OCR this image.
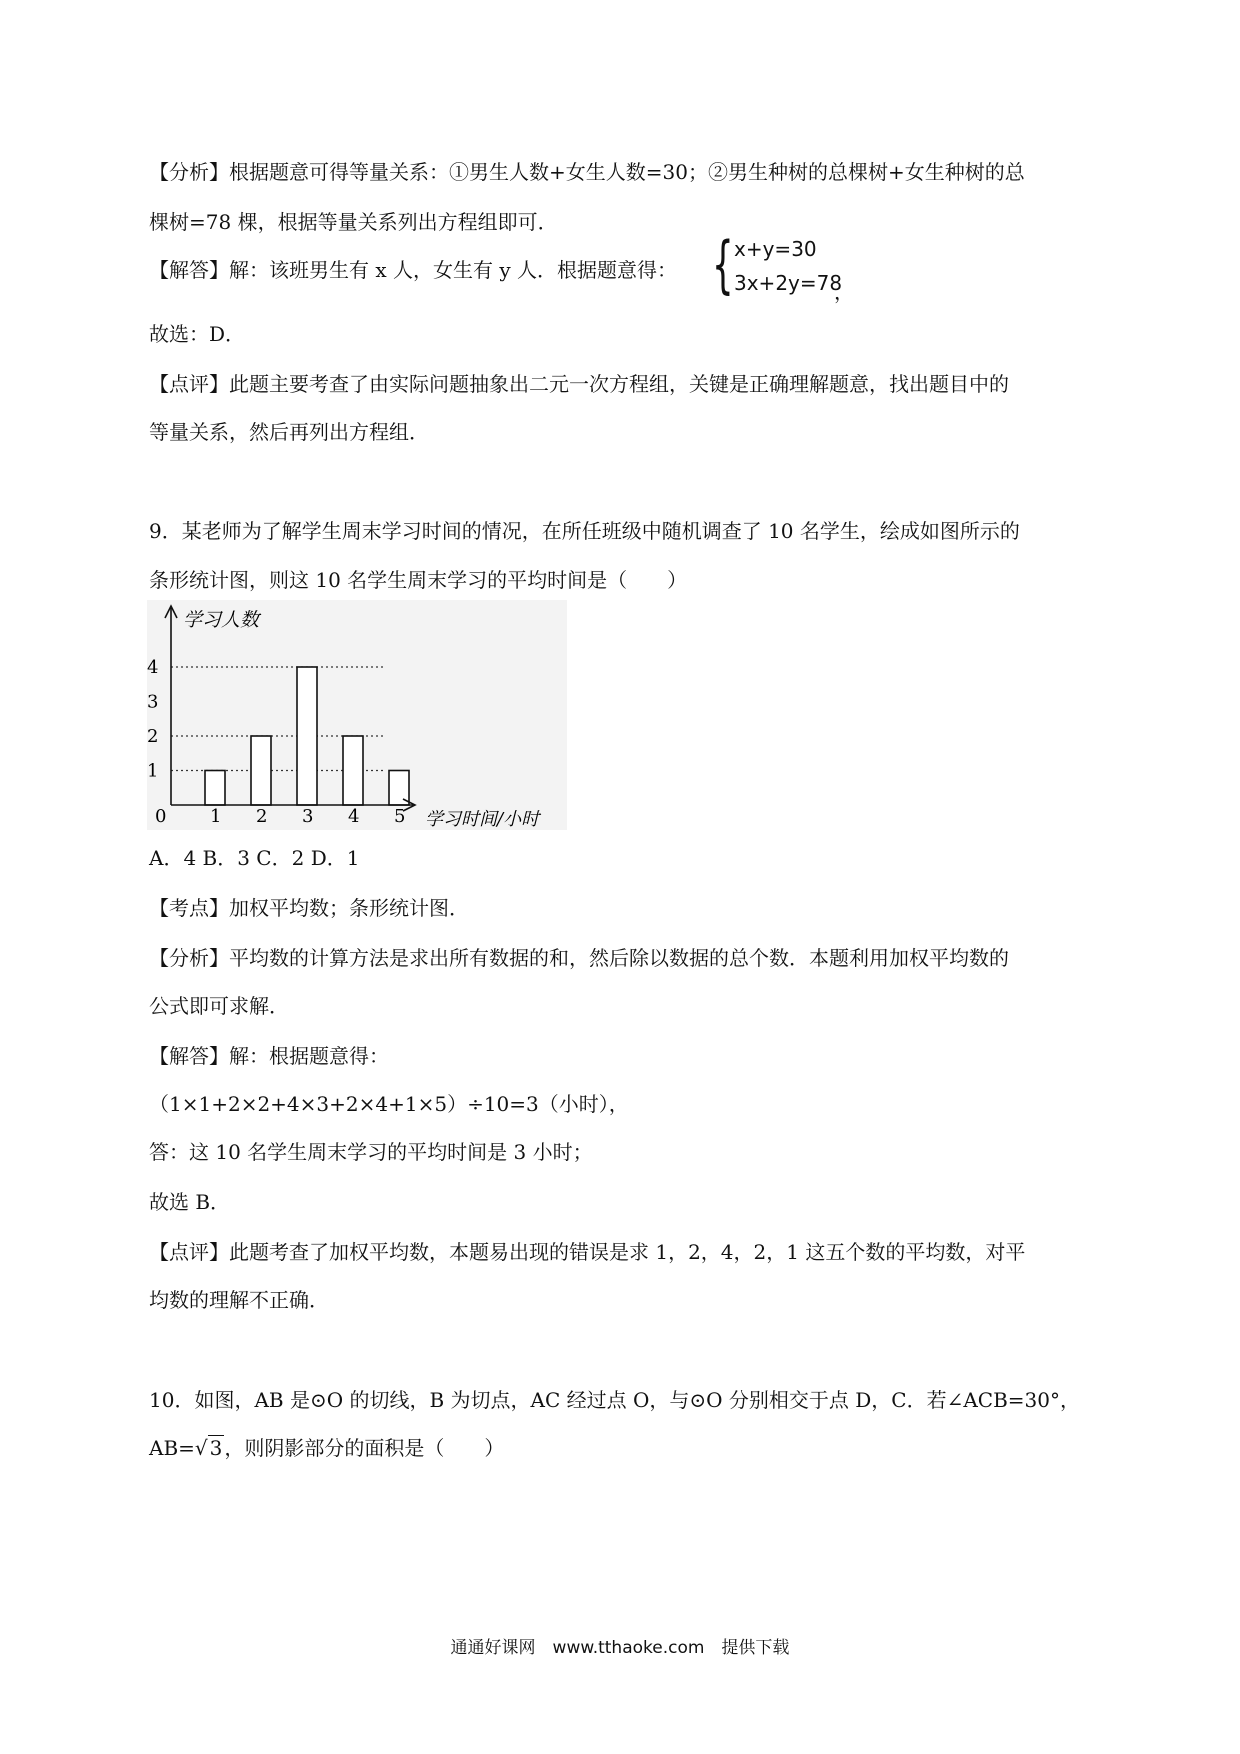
【分析】根据题意可得等量关系：①男生人数+女生人数=30；②男生种树的总棵树+女生种树的总
棵树=78 棵，根据等量关系列出方程组即可．
【解答】解：该班男生有 x 人，女生有 y 人．根据题意得： { x+y=30
3x+2y=78
，
故选：D．
【点评】此题主要考查了由实际问题抽象出二元一次方程组，关键是正确理解题意，找出题目中的
等量关系，然后再列出方程组．
9．某老师为了解学生周末学习时间的情况，在所任班级中随机调查了 10 名学生，绘成如图所示的
条形统计图，则这 10 名学生周末学习的平均时间是（　　）
学习人数
学习时间/小时
0
1
2
3
4
1 2 3 4 5
A．4 B．3 C．2 D．1
【考点】加权平均数；条形统计图．
【分析】平均数的计算方法是求出所有数据的和，然后除以数据的总个数．本题利用加权平均数的
公式即可求解．
【解答】解：根据题意得：
（1×1+2×2+4×3+2×4+1×5）÷10=3（小时），
答：这 10 名学生周末学习的平均时间是 3 小时；
故选 B．
【点评】此题考查了加权平均数，本题易出现的错误是求 1，2，4，2，1 这五个数的平均数，对平
均数的理解不正确．
10．如图，AB 是⊙O 的切线，B 为切点，AC 经过点 O，与⊙O 分别相交于点 D，C．若∠ACB=30°，
AB=√ 3 ，则阴影部分的面积是（　　）
通通好课网　www.tthaoke.com　提供下载
